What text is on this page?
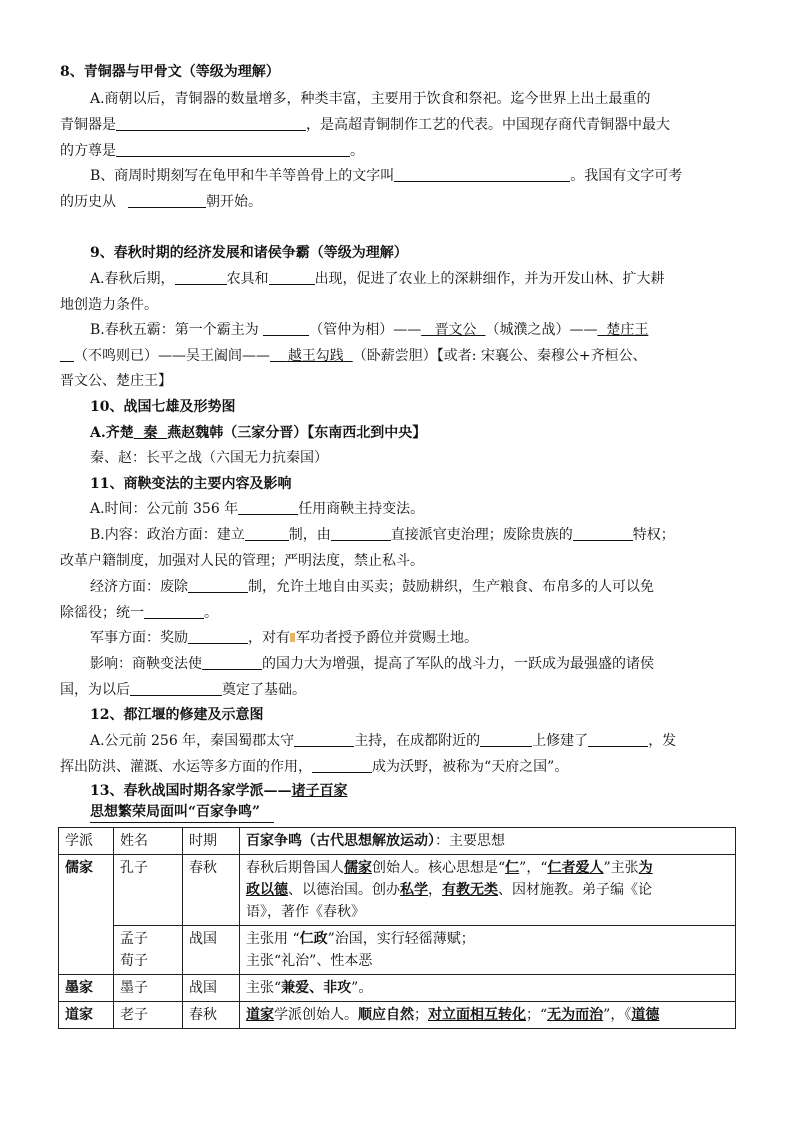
8、青铜器与甲骨文（等级为理解）
A.商朝以后，青铜器的数量增多，种类丰富，主要用于饮食和祭祀。迄今世界上出土最重的
青铜器是	，是高超青铜制作工艺的代表。中国现存商代青铜器中最大
的方尊是	。
B、商周时期刻写在龟甲和牛羊等兽骨上的文字叫	。我国有文字可考
的历史从	朝开始。
9、春秋时期的经济发展和诸侯争霸（等级为理解）
A.春秋后期，	农具和	出现，促进了农业上的深耕细作，并为开发山林、扩大耕
地创造力条件。
B.春秋五霸：第一个霸主为	（管仲为相）—— 晋文公 （城濮之战）—— 楚庄王
（不鸣则已）——吴王阖闾—— 越王勾践 （卧薪尝胆）【或者: 宋襄公、秦穆公+齐桓公、
晋文公、楚庄王】
10、战国七雄及形势图
A.齐楚 秦 燕赵魏韩（三家分晋）【东南西北到中央】
秦、赵：长平之战（六国无力抗秦国）
11、商鞅变法的主要内容及影响
A.时间：公元前 356 年	任用商鞅主持变法。
B.内容：政治方面：建立	制，由	直接派官吏治理；废除贵族的	特权；
改革户籍制度，加强对人民的管理；严明法度，禁止私斗。
经济方面：废除	制，允许土地自由买卖；鼓励耕织，生产粮食、布帛多的人可以免
除徭役；统一	。
军事方面：奖励	，对有 军功者授予爵位并赏赐土地。
影响：商鞅变法使	的国力大为增强，提高了军队的战斗力，一跃成为最强盛的诸侯
国，为以后	奠定了基础。
12、都江堰的修建及示意图
A.公元前 256 年，秦国蜀郡太守	主持，在成都附近的	上修建了	，发
挥出防洪、灌溉、水运等多方面的作用，	成为沃野，被称为“天府之国”。
13、春秋战国时期各家学派——诸子百家
思想繁荣局面叫“百家争鸣”
学派	姓名	时期	百家争鸣（古代思想解放运动）：主要思想
儒家	孔子	春秋	春秋后期鲁国人儒家创始人。核心思想是“仁”，“仁者爱人”主张为
政以德、以德治国。创办私学，有教无类、因材施教。弟子编《论
语》，著作《春秋》
	孟子
荀子	战国	主张用 “仁政”治国，实行轻徭薄赋；
主张“礼治”、性本恶
墨家	墨子	战国	主张“兼爱、非攻”。
道家	老子	春秋	道家学派创始人。顺应自然；对立面相互转化；“无为而治”，《道德
